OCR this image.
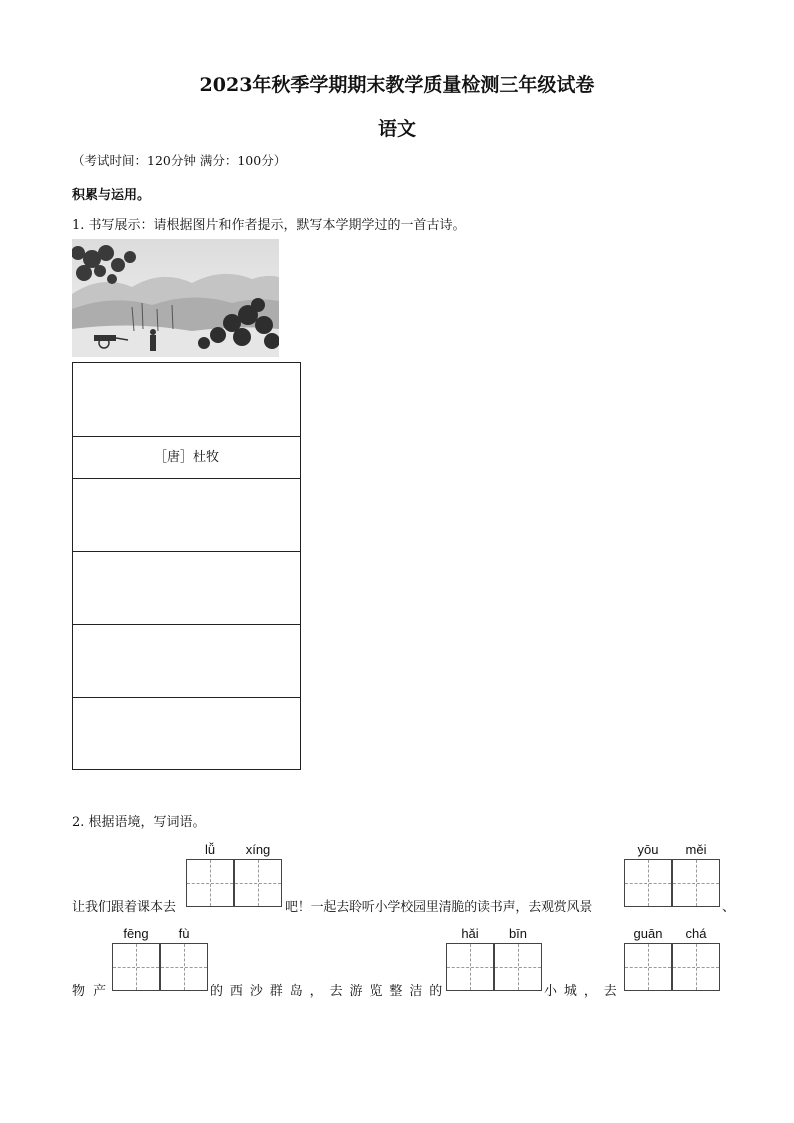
2023年秋季学期期末教学质量检测三年级试卷
语文
（考试时间：120分钟 满分：100分）
积累与运用。
1. 书写展示：请根据图片和作者提示，默写本学期学过的一首古诗。
［唐］杜牧
2. 根据语境，写词语。
lǚ	xíng	yōu	měi
让我们跟着课本去	吧！一起去聆听小学校园里清脆的读书声，去观赏风景	、
fēng	fù	hǎi	bīn	guān	chá
物 产	的 西 沙 群 岛 ， 去 游 览 整 洁 的	小 城 ， 去
